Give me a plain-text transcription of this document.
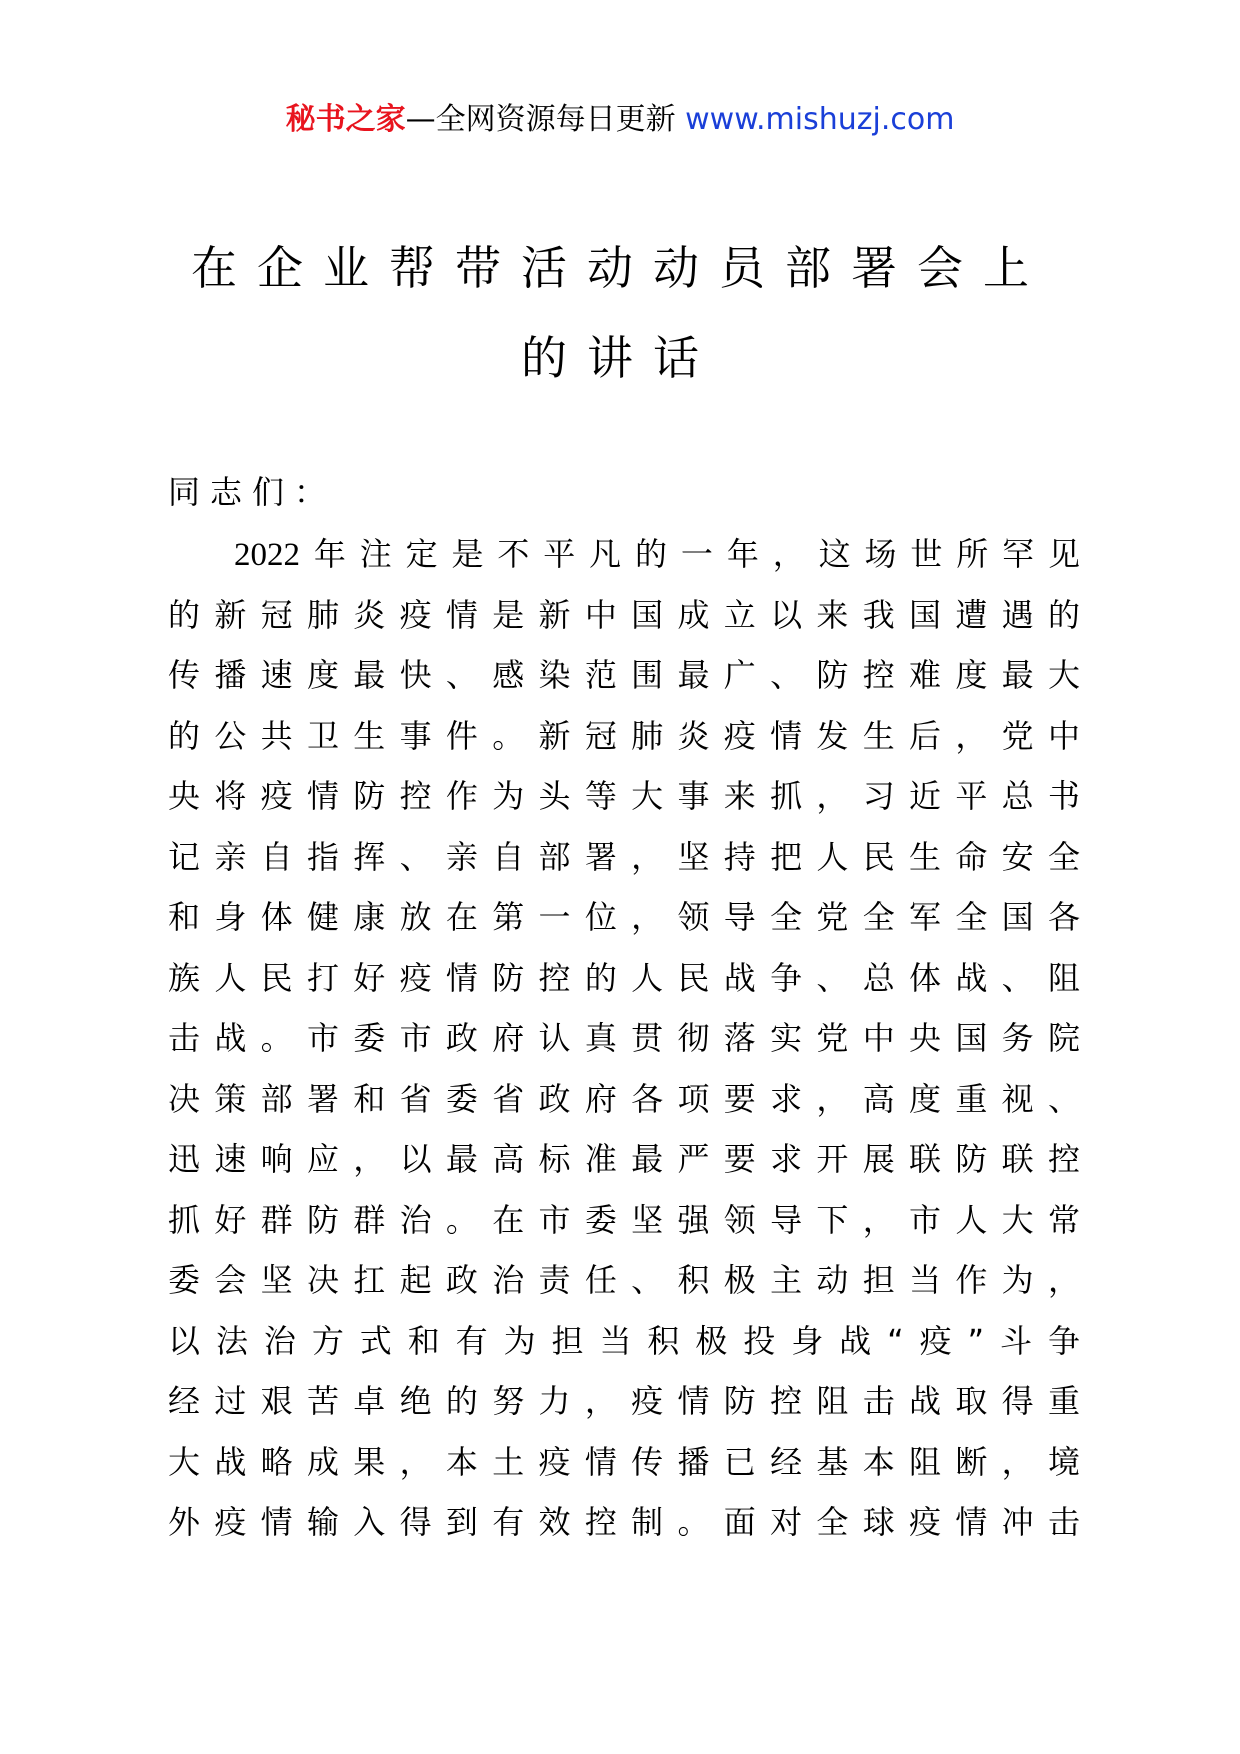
秘书之家—全网资源每日更新 www.mishuzj.com
在企业帮带活动动员部署会上
的讲话
同志们：
2022年注定是不平凡的一年，这场世所罕见
的新冠肺炎疫情是新中国成立以来我国遭遇的
传播速度最快、感染范围最广、防控难度最大
的公共卫生事件。新冠肺炎疫情发生后，党中
央将疫情防控作为头等大事来抓，习近平总书
记亲自指挥、亲自部署，坚持把人民生命安全
和身体健康放在第一位，领导全党全军全国各
族人民打好疫情防控的人民战争、总体战、阻
击战。市委市政府认真贯彻落实党中央国务院
决策部署和省委省政府各项要求，高度重视、
迅速响应，以最高标准最严要求开展联防联控
抓好群防群治。在市委坚强领导下，市人大常
委会坚决扛起政治责任、积极主动担当作为，
以法治方式和有为担当积极投身战“疫”斗争
经过艰苦卓绝的努力，疫情防控阻击战取得重
大战略成果，本土疫情传播已经基本阻断，境
外疫情输入得到有效控制。面对全球疫情冲击
